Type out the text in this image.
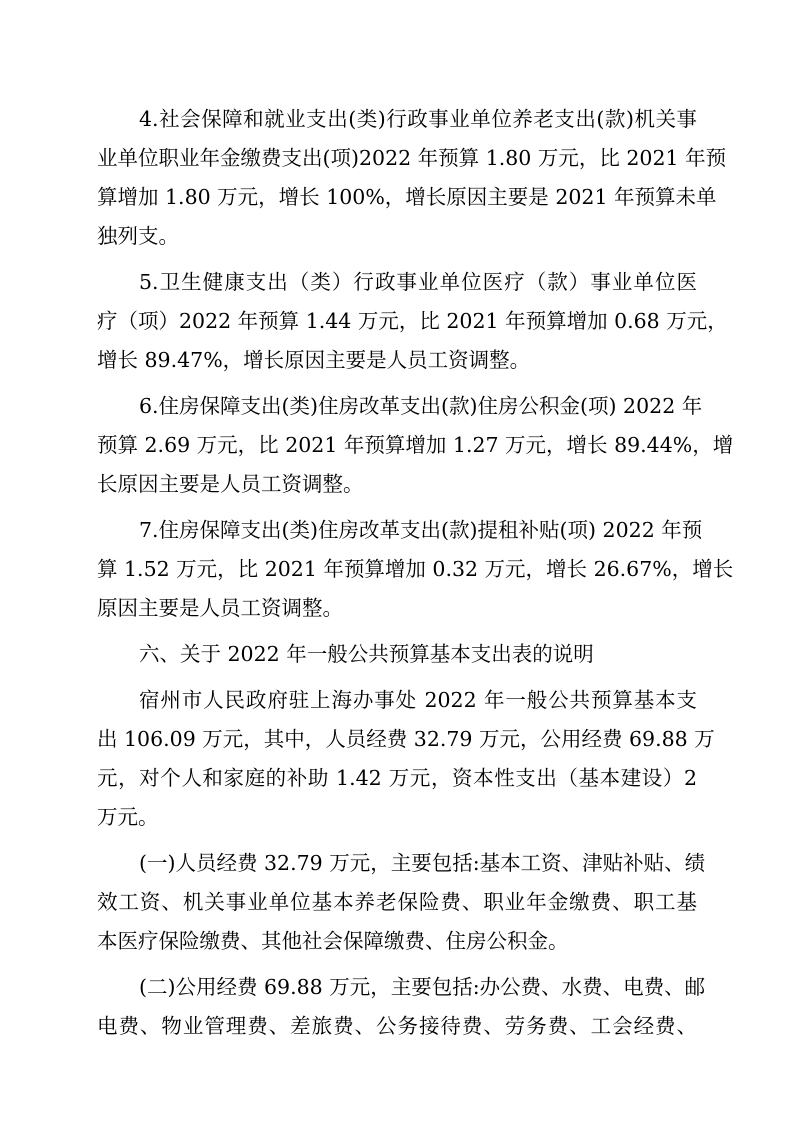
4.社会保障和就业支出(类)行政事业单位养老支出(款)机关事
业单位职业年金缴费支出(项)2022 年预算 1.80 万元，比 2021 年预
算增加 1.80 万元，增长 100%，增长原因主要是 2021 年预算未单
独列支。
5.卫生健康支出（类）行政事业单位医疗（款）事业单位医
疗（项）2022 年预算 1.44 万元，比 2021 年预算增加 0.68 万元，
增长 89.47%，增长原因主要是人员工资调整。
6.住房保障支出(类)住房改革支出(款)住房公积金(项) 2022 年
预算 2.69 万元，比 2021 年预算增加 1.27 万元，增长 89.44%，增
长原因主要是人员工资调整。
7.住房保障支出(类)住房改革支出(款)提租补贴(项) 2022 年预
算 1.52 万元，比 2021 年预算增加 0.32 万元，增长 26.67%，增长
原因主要是人员工资调整。
六、关于 2022 年一般公共预算基本支出表的说明
宿州市人民政府驻上海办事处 2022 年一般公共预算基本支
出 106.09 万元，其中，人员经费 32.79 万元，公用经费 69.88 万
元，对个人和家庭的补助 1.42 万元，资本性支出（基本建设）2
万元。
(一)人员经费 32.79 万元，主要包括:基本工资、津贴补贴、绩
效工资、机关事业单位基本养老保险费、职业年金缴费、职工基
本医疗保险缴费、其他社会保障缴费、住房公积金。
(二)公用经费 69.88 万元，主要包括:办公费、水费、电费、邮
电费、物业管理费、差旅费、公务接待费、劳务费、工会经费、
